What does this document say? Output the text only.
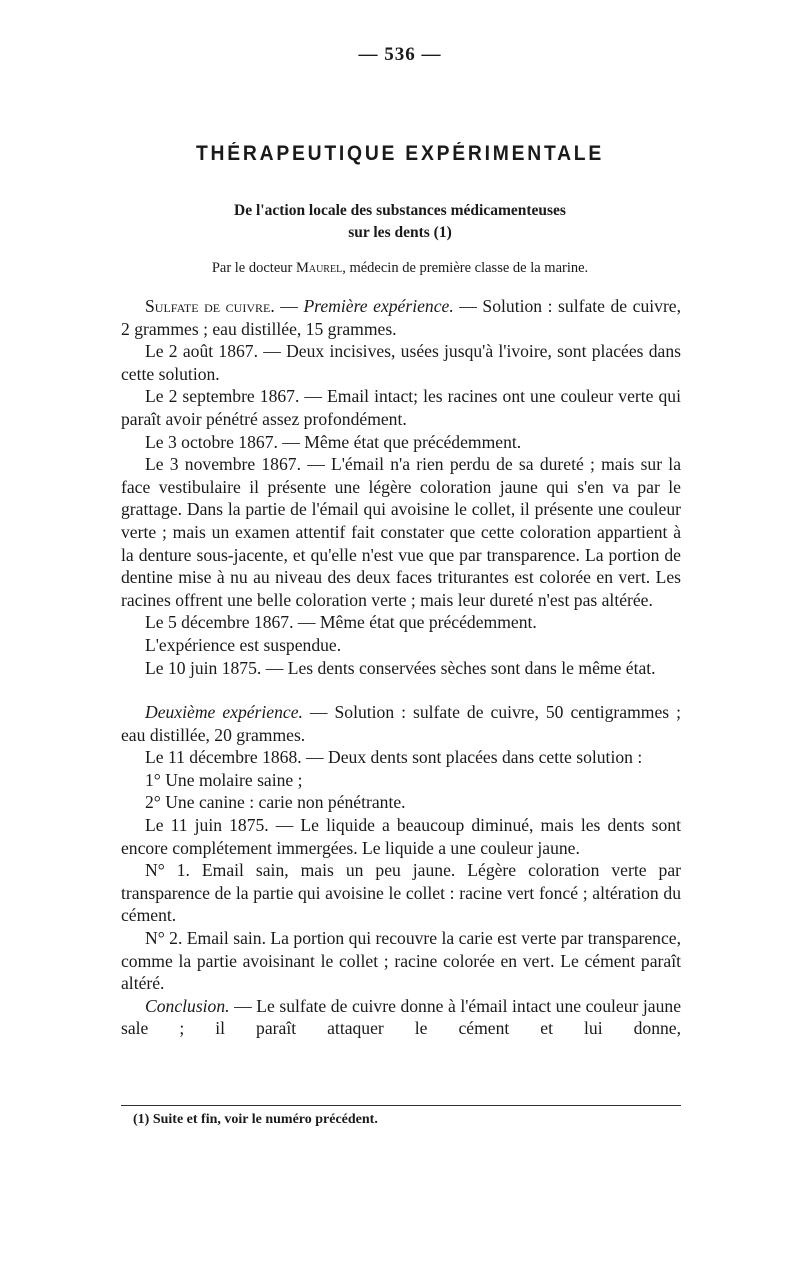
— 536 —
THÉRAPEUTIQUE EXPÉRIMENTALE
De l'action locale des substances médicamenteuses
sur les dents (1)
Par le docteur Maurel, médecin de première classe de la marine.

Sulfate de cuivre. — Première expérience. — Solution : sulfate de cuivre, 2 grammes ; eau distillée, 15 grammes.

Le 2 août 1867. — Deux incisives, usées jusqu'à l'ivoire, sont placées dans cette solution.

Le 2 septembre 1867. — Email intact; les racines ont une couleur verte qui paraît avoir pénétré assez profondément.

Le 3 octobre 1867. — Même état que précédemment.

Le 3 novembre 1867. — L'émail n'a rien perdu de sa dureté ; mais sur la face vestibulaire il présente une légère coloration jaune qui s'en va par le grattage. Dans la partie de l'émail qui avoisine le collet, il présente une couleur verte ; mais un examen attentif fait constater que cette coloration appartient à la denture sous-jacente, et qu'elle n'est vue que par transparence. La portion de dentine mise à nu au niveau des deux faces triturantes est colorée en vert. Les racines offrent une belle coloration verte ; mais leur dureté n'est pas altérée.

Le 5 décembre 1867. — Même état que précédemment.

L'expérience est suspendue.

Le 10 juin 1875. — Les dents conservées sèches sont dans le même état.

Deuxième expérience. — Solution : sulfate de cuivre, 50 centigrammes ; eau distillée, 20 grammes.

Le 11 décembre 1868. — Deux dents sont placées dans cette solution :

1° Une molaire saine ;

2° Une canine : carie non pénétrante.

Le 11 juin 1875. — Le liquide a beaucoup diminué, mais les dents sont encore complétement immergées. Le liquide a une couleur jaune.

N° 1. Email sain, mais un peu jaune. Légère coloration verte par transparence de la partie qui avoisine le collet : racine vert foncé ; altération du cément.

N° 2. Email sain. La portion qui recouvre la carie est verte par transparence, comme la partie avoisinant le collet ; racine colorée en vert. Le cément paraît altéré.

Conclusion. — Le sulfate de cuivre donne à l'émail intact une couleur jaune sale ; il paraît attaquer le cément et lui donne,

(1) Suite et fin, voir le numéro précédent.
